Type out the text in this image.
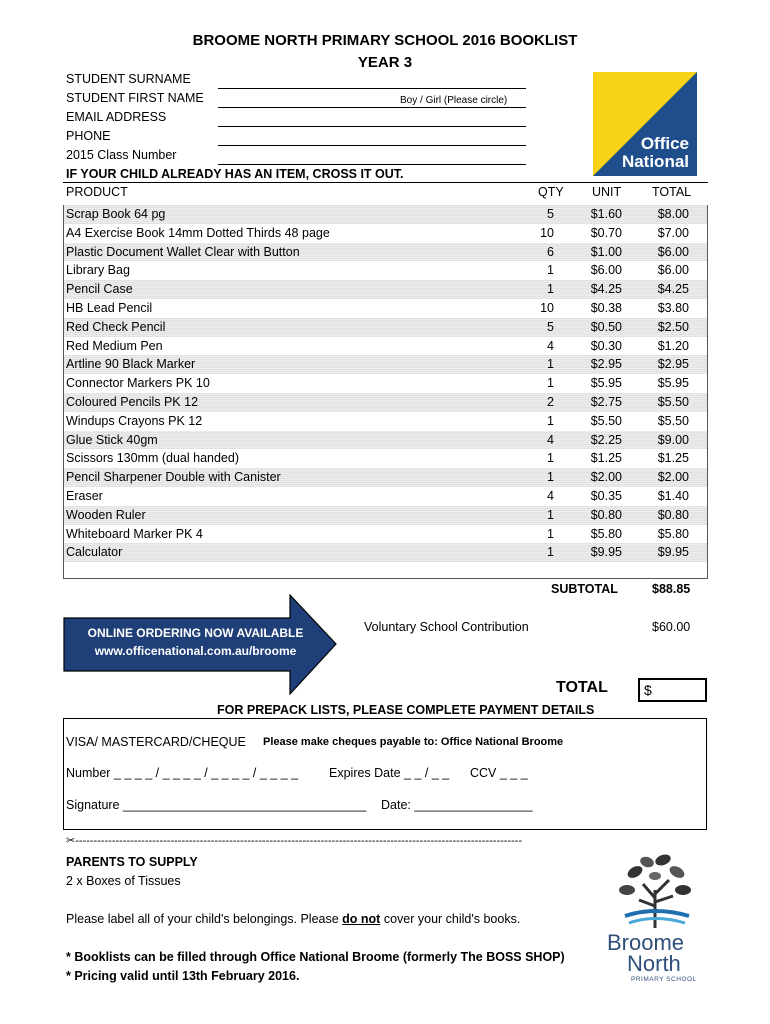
BROOME NORTH PRIMARY SCHOOL 2016 BOOKLIST
YEAR 3
STUDENT SURNAME
STUDENT FIRST NAME	Boy / Girl (Please circle)
EMAIL ADDRESS
PHONE
2015 Class Number
IF YOUR CHILD ALREADY HAS AN ITEM, CROSS IT OUT.
Office
National
PRODUCT	QTY UNIT TOTAL
Scrap Book 64 pg	5	$1.60	$8.00
A4 Exercise Book 14mm Dotted Thirds 48 page	10	$0.70	$7.00
Plastic Document Wallet Clear with Button	6	$1.00	$6.00
Library Bag	1	$6.00	$6.00
Pencil Case	1	$4.25	$4.25
HB Lead Pencil	10	$0.38	$3.80
Red Check Pencil	5	$0.50	$2.50
Red Medium Pen	4	$0.30	$1.20
Artline 90 Black Marker	1	$2.95	$2.95
Connector Markers PK 10	1	$5.95	$5.95
Coloured Pencils PK 12	2	$2.75	$5.50
Windups Crayons PK 12	1	$5.50	$5.50
Glue Stick 40gm	4	$2.25	$9.00
Scissors 130mm (dual handed)	1	$1.25	$1.25
Pencil Sharpener Double with Canister	1	$2.00	$2.00
Eraser	4	$0.35	$1.40
Wooden Ruler	1	$0.80	$0.80
Whiteboard Marker PK 4	1	$5.80	$5.80
Calculator	1	$9.95	$9.95
SUBTOTAL	$88.85
Voluntary School Contribution	$60.00
TOTAL	$
ONLINE ORDERING NOW AVAILABLE
www.officenational.com.au/broome
FOR PREPACK LISTS, PLEASE COMPLETE PAYMENT DETAILS
VISA/ MASTERCARD/CHEQUE Please make cheques payable to: Office National Broome
Number _ _ _ _ / _ _ _ _ / _ _ _ _ / _ _ _ _ Expires Date _ _ / _ _ CCV _ _ _
Signature ___________________________________ Date: _________________
✂--------------------------------------------------------------------------------------------------------------------------
PARENTS TO SUPPLY
2 x Boxes of Tissues
Please label all of your child's belongings. Please do not cover your child's books.
* Booklists can be filled through Office National Broome (formerly The BOSS SHOP)
* Pricing valid until 13th February 2016.
Broome
North
PRIMARY SCHOOL
